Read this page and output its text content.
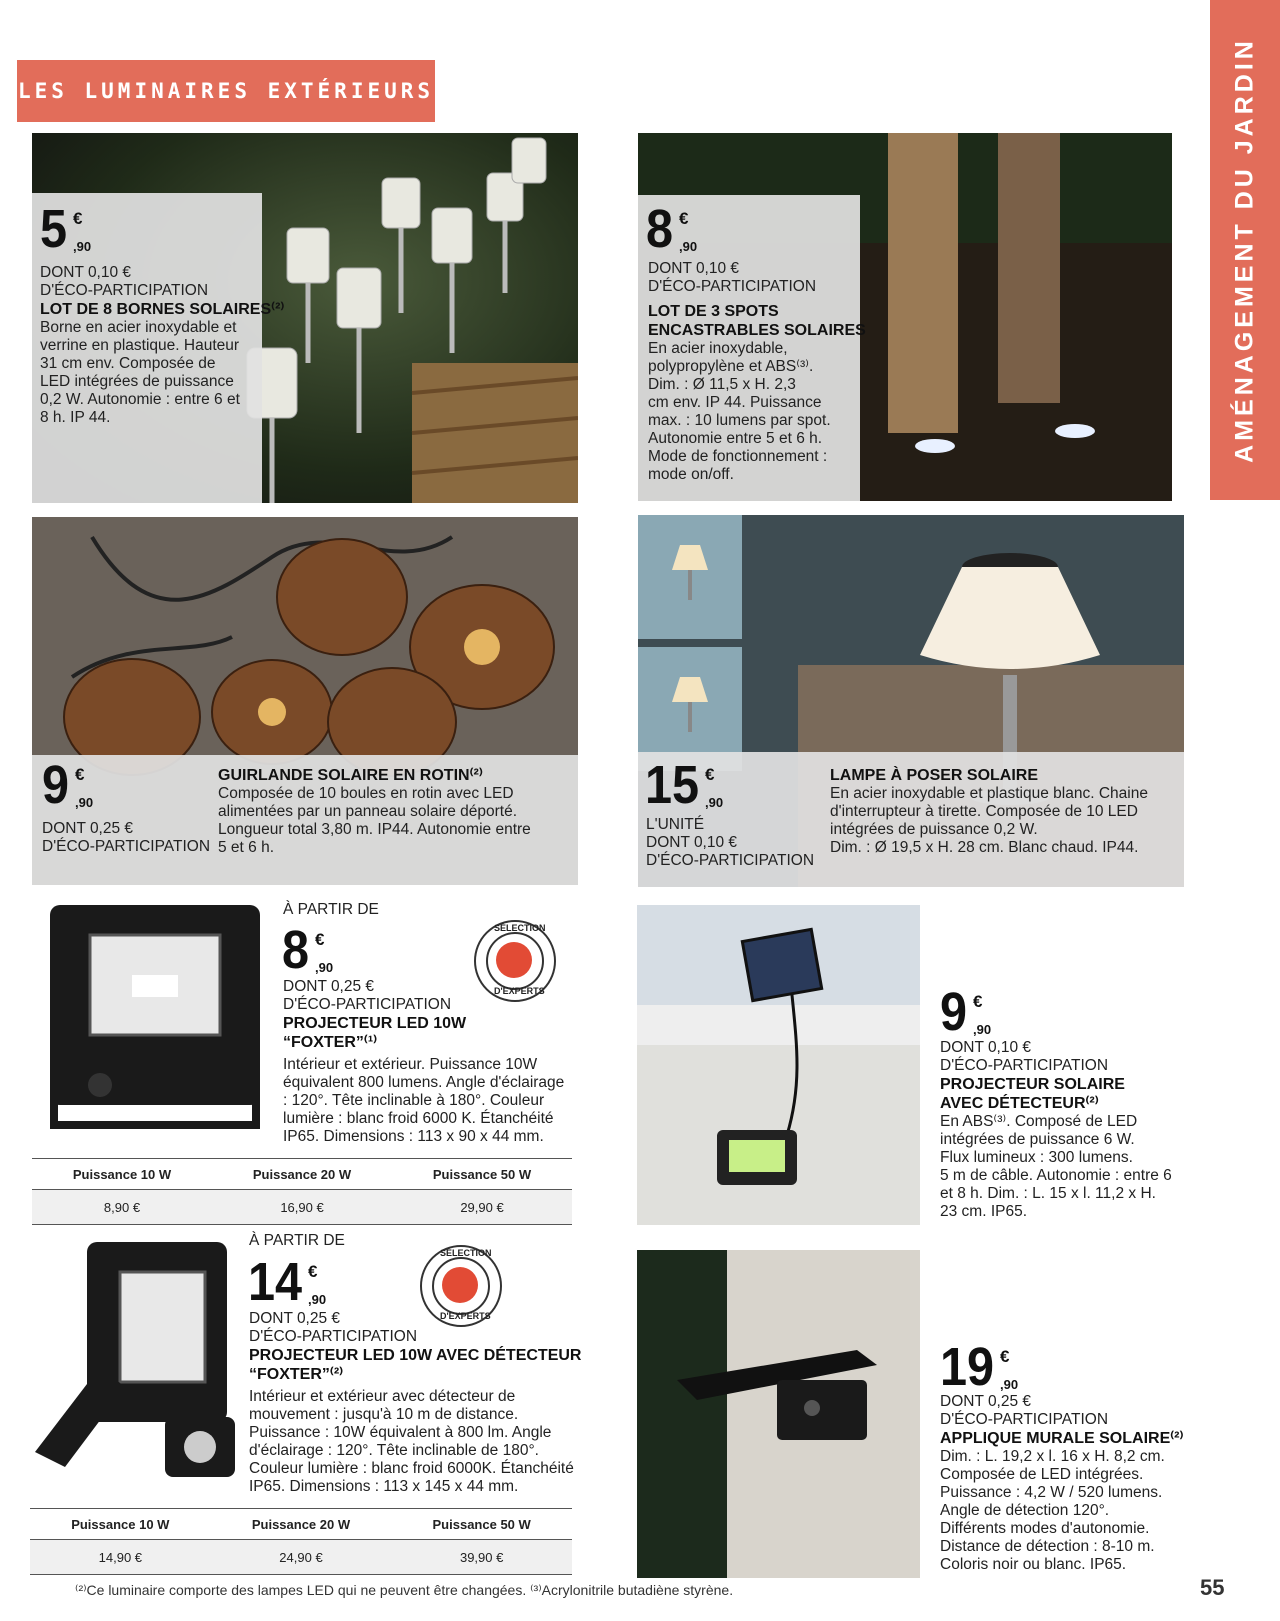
LES LUMINAIRES EXTÉRIEURS	AMÉNAGEMENT DU JARDIN
5 €
,90
DONT 0,10 €
D'ÉCO-PARTICIPATION
LOT DE 8 BORNES SOLAIRES⁽²⁾
Borne en acier inoxydable et
verrine en plastique. Hauteur
31 cm env. Composée de
LED intégrées de puissance
0,2 W. Autonomie : entre 6 et
8 h. IP 44.
8 €
,90
DONT 0,10 €
D'ÉCO-PARTICIPATION
LOT DE 3 SPOTS
ENCASTRABLES SOLAIRES
En acier inoxydable,
polypropylène et ABS⁽³⁾.
Dim. : Ø 11,5 x H. 2,3
cm env. IP 44. Puissance
max. : 10 lumens par spot.
Autonomie entre 5 et 6 h.
Mode de fonctionnement :
mode on/off.
9 €
,90
DONT 0,25 €
D'ÉCO-PARTICIPATION
GUIRLANDE SOLAIRE EN ROTIN⁽²⁾
Composée de 10 boules en rotin avec LED
alimentées par un panneau solaire déporté.
Longueur total 3,80 m. IP44. Autonomie entre
5 et 6 h.
15 €
,90
L'UNITÉ
DONT 0,10 €
D'ÉCO-PARTICIPATION
LAMPE À POSER SOLAIRE
En acier inoxydable et plastique blanc. Chaine
d'interrupteur à tirette. Composée de 10 LED
intégrées de puissance 0,2 W.
Dim. : Ø 19,5 x H. 28 cm. Blanc chaud. IP44.
À PARTIR DE
8 €
,90
SÉLECTION
D'EXPERTS
DONT 0,25 €
D'ÉCO-PARTICIPATION
PROJECTEUR LED 10W
“FOXTER”⁽¹⁾
Intérieur et extérieur. Puissance 10W
équivalent 800 lumens. Angle d'éclairage
: 120°. Tête inclinable à 180°. Couleur
lumière : blanc froid 6000 K. Étanchéité
IP65. Dimensions : 113 x 90 x 44 mm.
Puissance 10 W	Puissance 20 W	Puissance 50 W
8,90 €	16,90 €	29,90 €
À PARTIR DE
14 €
,90
SÉLECTION
D'EXPERTS
DONT 0,25 €
D'ÉCO-PARTICIPATION
PROJECTEUR LED 10W AVEC DÉTECTEUR
“FOXTER”⁽²⁾
Intérieur et extérieur avec détecteur de
mouvement : jusqu'à 10 m de distance.
Puissance : 10W équivalent à 800 lm. Angle
d'éclairage : 120°. Tête inclinable de 180°.
Couleur lumière : blanc froid 6000K. Étanchéité
IP65. Dimensions : 113 x 145 x 44 mm.
Puissance 10 W	Puissance 20 W	Puissance 50 W
14,90 €	24,90 €	39,90 €
9 €
,90
DONT 0,10 €
D'ÉCO-PARTICIPATION
PROJECTEUR SOLAIRE
AVEC DÉTECTEUR⁽²⁾
En ABS⁽³⁾. Composé de LED
intégrées de puissance 6 W.
Flux lumineux : 300 lumens.
5 m de câble. Autonomie : entre 6
et 8 h. Dim. : L. 15 x l. 11,2 x H.
23 cm. IP65.
19 €
,90
DONT 0,25 €
D'ÉCO-PARTICIPATION
APPLIQUE MURALE SOLAIRE⁽²⁾
Dim. : L. 19,2 x l. 16 x H. 8,2 cm.
Composée de LED intégrées.
Puissance : 4,2 W / 520 lumens.
Angle de détection 120°.
Différents modes d'autonomie.
Distance de détection : 8-10 m.
Coloris noir ou blanc. IP65.
⁽²⁾Ce luminaire comporte des lampes LED qui ne peuvent être changées. ⁽³⁾Acrylonitrile butadiène styrène.	55
